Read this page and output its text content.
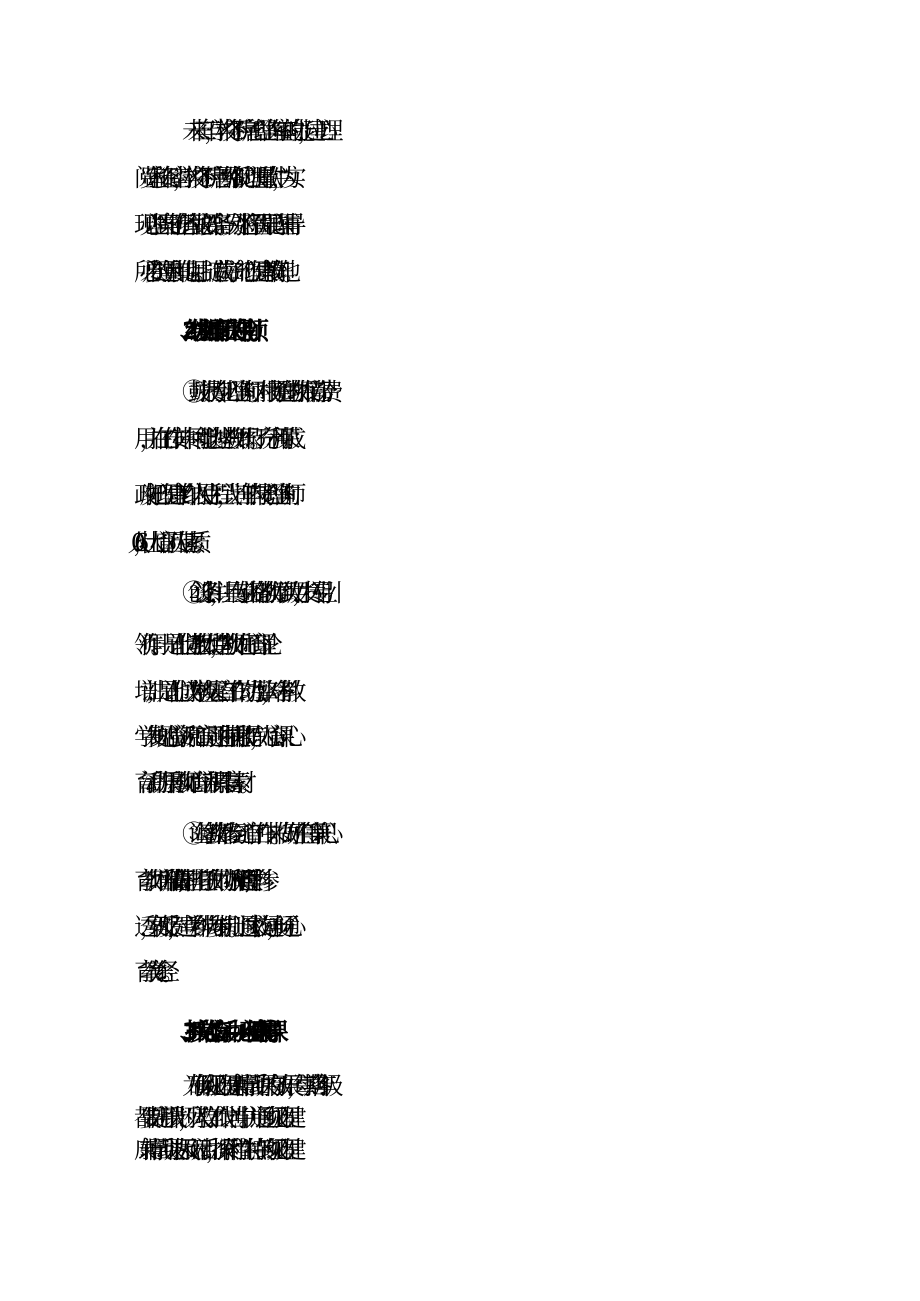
未来三年，学校将不断完善心理咨询室室的功能，建立心理
阅览室和资料室，学校将不断完善网络版的心理测量软件，为实
现心理档案电子化管理做必要准备。另外还将添置开展心理辅导
所必要的道具和其他用品。打造威海一流的心理健康教育阵地。
2、继续加强心育团队的专业引领。
①鼓励报考专业心理咨询师。对报考通过的教师报销部分费
用，并在工作安排中尽可能地为这些教师开绿灯。充分利用荣成
政府把心理健康工作纳入民生工程，计划三年内报考心理咨询师
60人，壮大心育团队专业素质。
②创设条件，让具有专业资格的教师学以致用，发挥专业引
领作用。一是让他们走上“教师大讲堂”，为教师进行心育理论
培训；二是让他们成为学校基层心育工作的动力引擎，对各科教
学中发现的心育资源和心育问题进行捕捉和提炼，为心育课、心
育活动的开展和教师心育培训积累丰富素材。
③让每名教师都参与到心育工作中来。做好班主任等兼职心
育教师培训和管理;做好非班主任教师的协调和管理,通过学科渗
透，案例反馈，建立学科纵向参与机制。通过家校沟通，畅通心
育教育途经。
3、抓实常态心育活动——心理健康辅导课。
为确保班级心理健康辅导活动课的有效开展，每学期各年级
都要制定开课计划，列入教学工作计划当中。并通过班级心理健
康辅导活动课达标及研讨活动，探索附和学生特点的班级心理健
